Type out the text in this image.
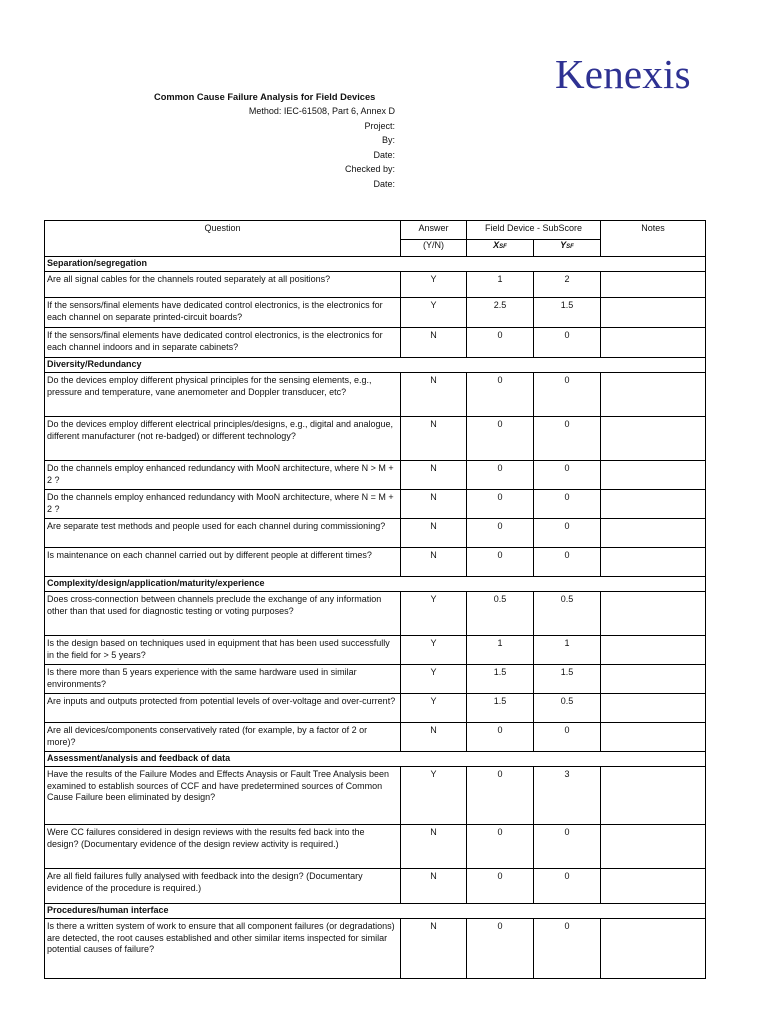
Kenexis
Common Cause Failure Analysis for Field Devices
Method: IEC-61508, Part 6, Annex D
Project:
By:
Date:
Checked by:
Date:
Question	Answer	Field Device - SubScore		Notes
	(Y/N)	XSF	YSF	
Separation/segregation				
Are all signal cables for the channels routed separately at all positions?	Y	1	2	
If the sensors/final elements have dedicated control electronics, is the electronics for each channel on separate printed-circuit boards?	Y	2.5	1.5	
If the sensors/final elements have dedicated control electronics, is the electronics for each channel indoors and in separate cabinets?	N	0	0	
Diversity/Redundancy				
Do the devices employ different physical principles for the sensing elements, e.g., pressure and temperature, vane anemometer and Doppler transducer, etc?	N	0	0	
Do the devices employ different electrical principles/designs, e.g., digital and analogue, different manufacturer (not re-badged) or different technology?	N	0	0	
Do the channels employ enhanced redundancy with MooN architecture, where N > M + 2 ?	N	0	0	
Do the channels employ enhanced redundancy with MooN architecture, where N = M + 2 ?	N	0	0	
Are separate test methods and people used for each channel during commissioning?	N	0	0	
Is maintenance on each channel carried out by different people at different times?	N	0	0	
Complexity/design/application/maturity/experience				
Does cross-connection between channels preclude the exchange of any information other than that used for diagnostic testing or voting purposes?	Y	0.5	0.5	
Is the design based on techniques used in equipment that has been used successfully in the field for > 5 years?	Y	1	1	
Is there more than 5 years experience with the same hardware used in similar environments?	Y	1.5	1.5	
Are inputs and outputs protected from potential levels of over-voltage and over-current?	Y	1.5	0.5	
Are all devices/components conservatively rated (for example, by a factor of 2 or more)?	N	0	0	
Assessment/analysis and feedback of data				
Have the results of the Failure Modes and Effects Anaysis or Fault Tree Analysis been examined to establish sources of CCF and have predetermined sources of Common Cause Failure been eliminated by design?	Y	0	3	
Were CC failures considered in design reviews with the results fed back into the design? (Documentary evidence of the design review activity is required.)	N	0	0	
Are all field failures fully analysed with feedback into the design? (Documentary evidence of the procedure is required.)	N	0	0	
Procedures/human interface				
Is there a written system of work to ensure that all component failures (or degradations) are detected, the root causes established and other similar items inspected for similar potential causes of failure?	N	0	0	
